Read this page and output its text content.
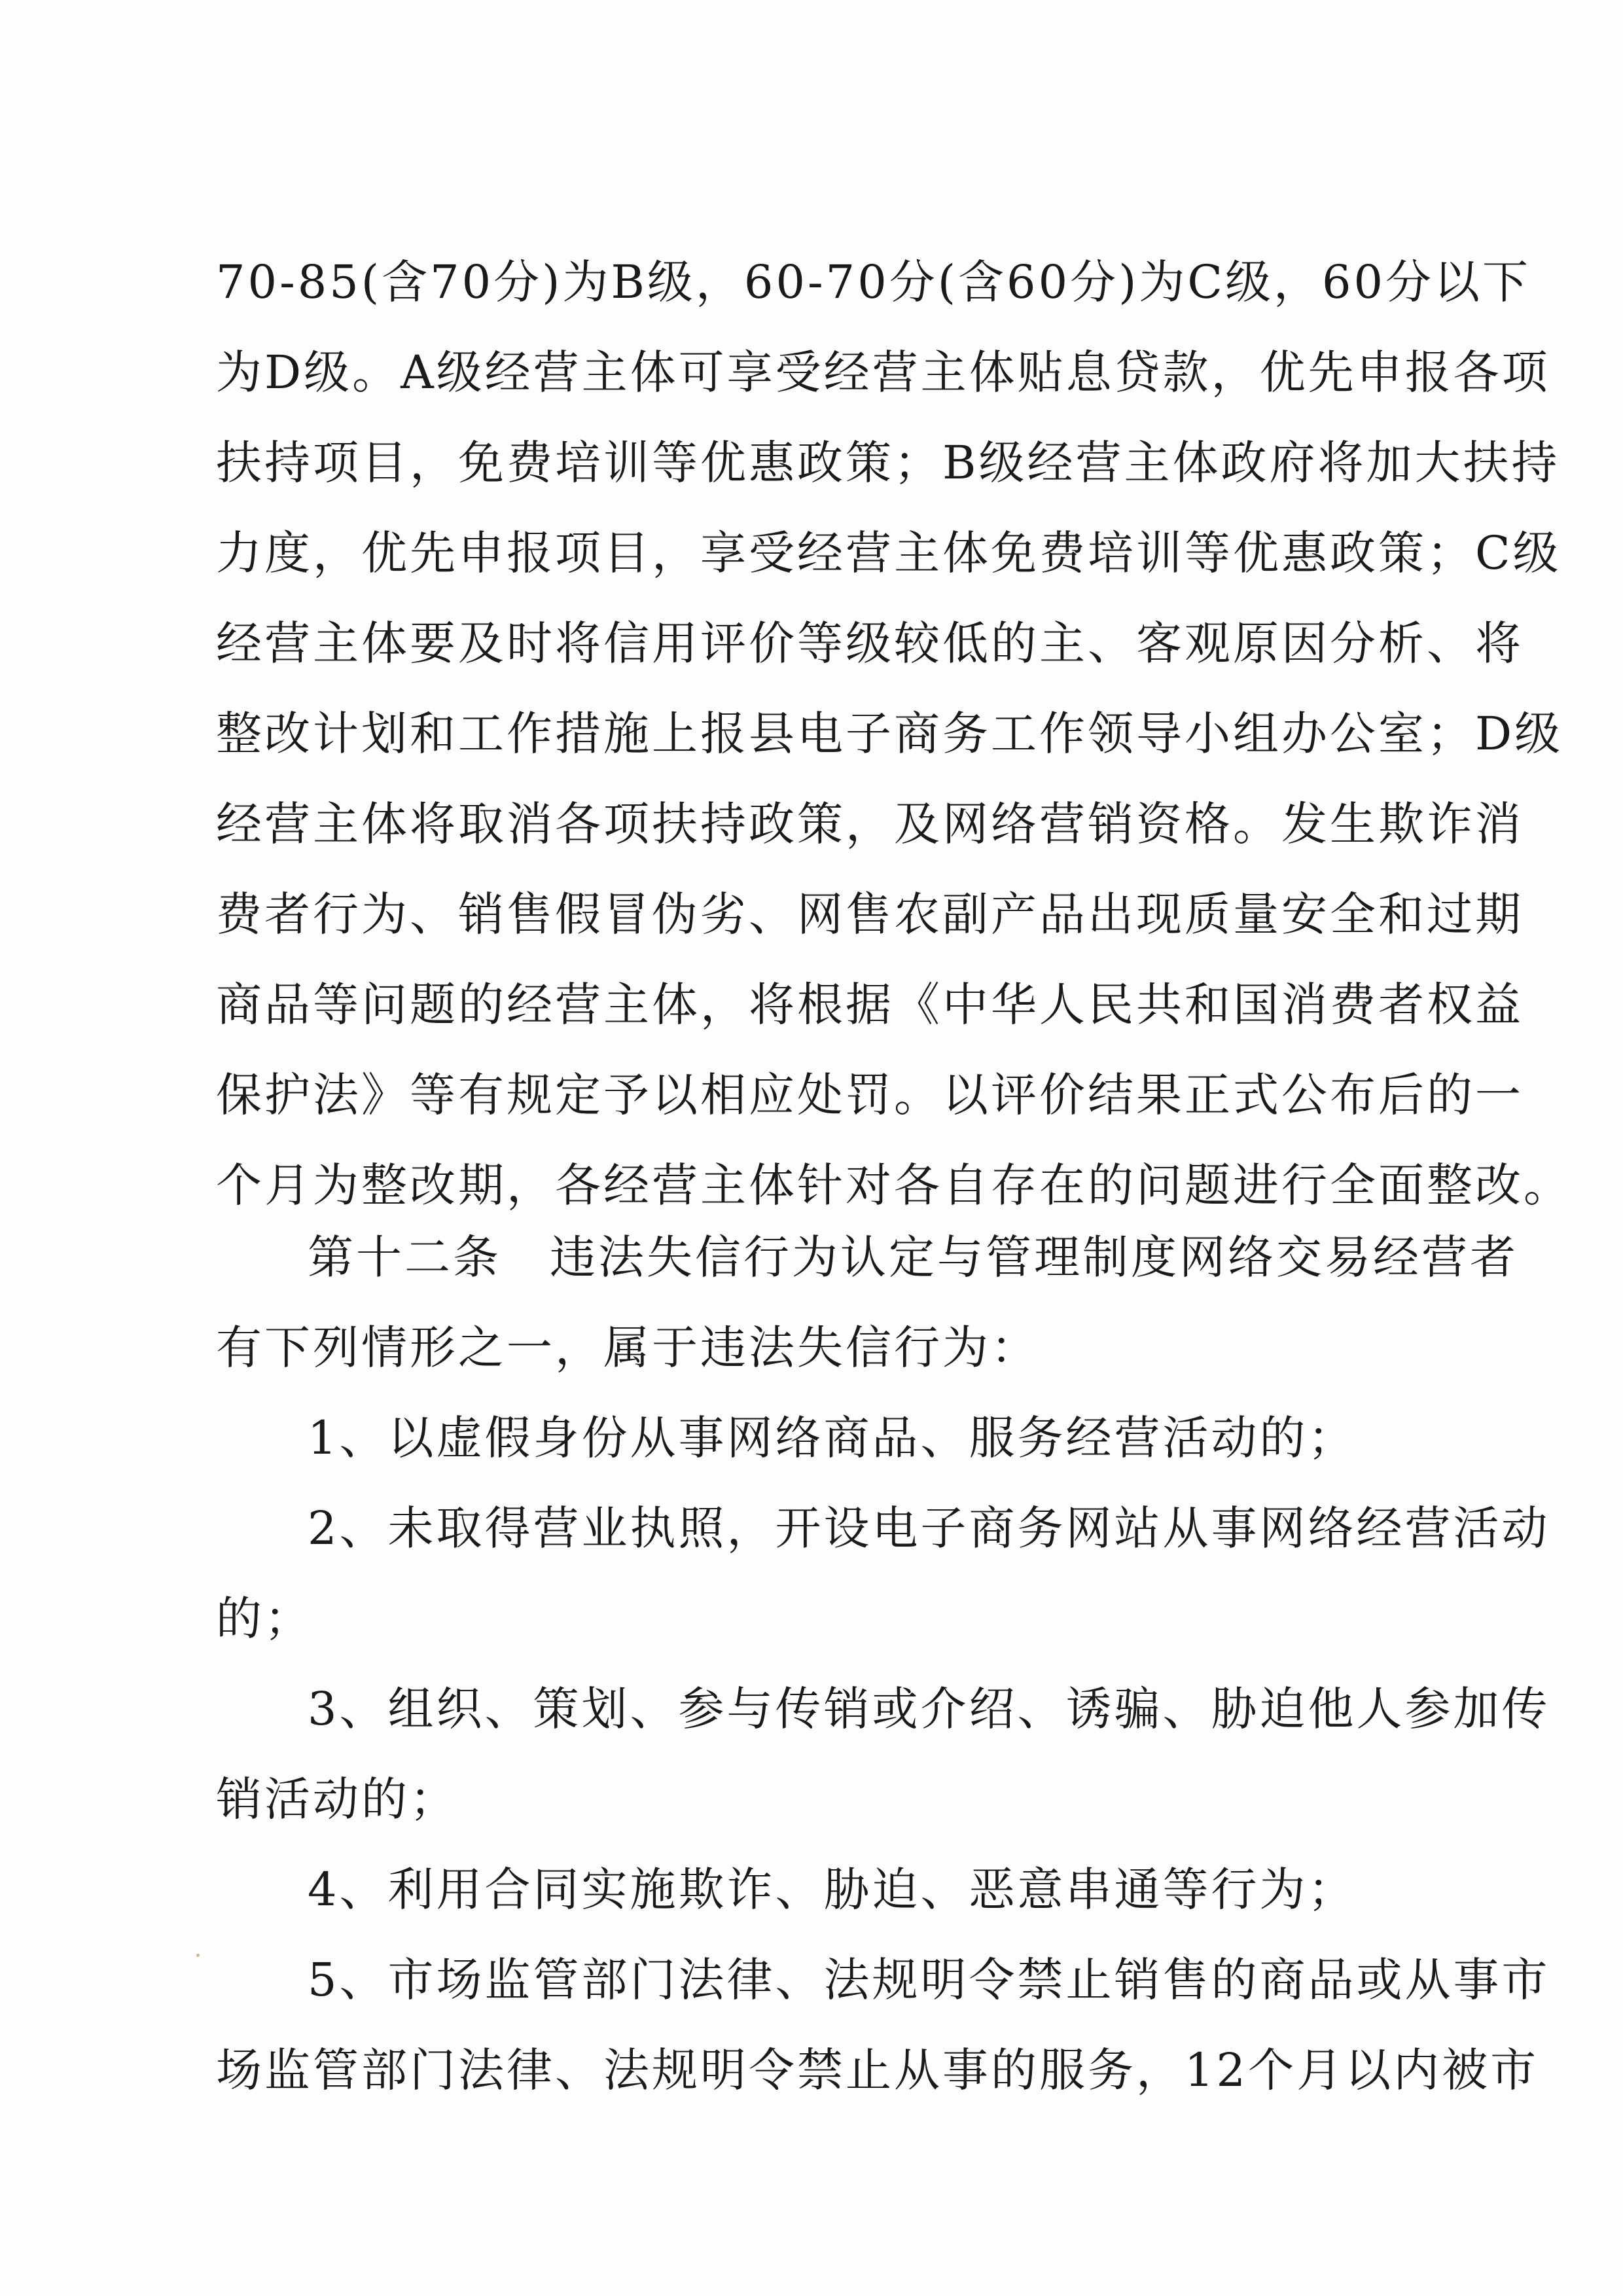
70-85(含70分)为B级，60-70分(含60分)为C级，60分以下

为D级。A级经营主体可享受经营主体贴息贷款，优先申报各项

扶持项目，免费培训等优惠政策；B级经营主体政府将加大扶持

力度，优先申报项目，享受经营主体免费培训等优惠政策；C级

经营主体要及时将信用评价等级较低的主、客观原因分析、将

整改计划和工作措施上报县电子商务工作领导小组办公室；D级

经营主体将取消各项扶持政策，及网络营销资格。发生欺诈消

费者行为、销售假冒伪劣、网售农副产品出现质量安全和过期

商品等问题的经营主体，将根据《中华人民共和国消费者权益

保护法》等有规定予以相应处罚。以评价结果正式公布后的一

个月为整改期，各经营主体针对各自存在的问题进行全面整改。

第十二条　违法失信行为认定与管理制度网络交易经营者

有下列情形之一，属于违法失信行为：

1、以虚假身份从事网络商品、服务经营活动的；

2、未取得营业执照，开设电子商务网站从事网络经营活动

的；

3、组织、策划、参与传销或介绍、诱骗、胁迫他人参加传

销活动的；

4、利用合同实施欺诈、胁迫、恶意串通等行为；

5、市场监管部门法律、法规明令禁止销售的商品或从事市

场监管部门法律、法规明令禁止从事的服务，12个月以内被市
